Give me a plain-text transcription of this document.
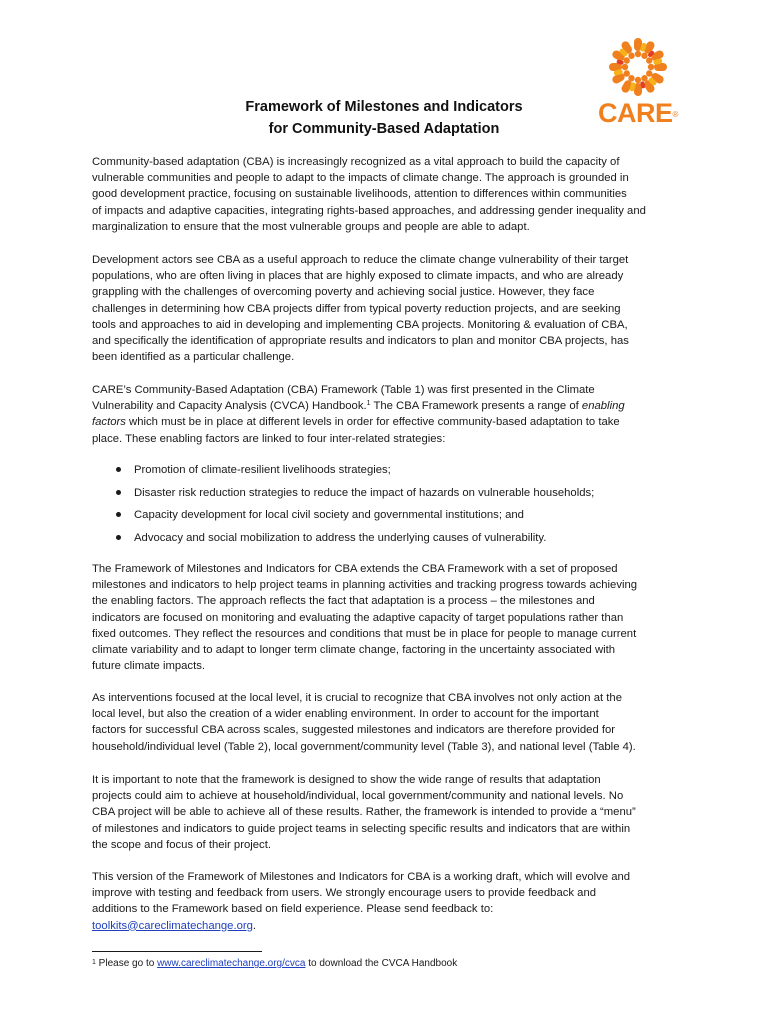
CARE®
Framework of Milestones and Indicators
for Community-Based Adaptation
Community-based adaptation (CBA) is increasingly recognized as a vital approach to build the capacity of
vulnerable communities and people to adapt to the impacts of climate change. The approach is grounded in
good development practice, focusing on sustainable livelihoods, attention to differences within communities
of impacts and adaptive capacities, integrating rights-based approaches, and addressing gender inequality and
marginalization to ensure that the most vulnerable groups and people are able to adapt.
Development actors see CBA as a useful approach to reduce the climate change vulnerability of their target
populations, who are often living in places that are highly exposed to climate impacts, and who are already
grappling with the challenges of overcoming poverty and achieving social justice. However, they face
challenges in determining how CBA projects differ from typical poverty reduction projects, and are seeking
tools and approaches to aid in developing and implementing CBA projects. Monitoring & evaluation of CBA,
and specifically the identification of appropriate results and indicators to plan and monitor CBA projects, has
been identified as a particular challenge.
CARE’s Community-Based Adaptation (CBA) Framework (Table 1) was first presented in the Climate
Vulnerability and Capacity Analysis (CVCA) Handbook.$^1$ The CBA Framework presents a range of enabling
factors which must be in place at different levels in order for effective community-based adaptation to take
place. These enabling factors are linked to four inter-related strategies:
Promotion of climate-resilient livelihoods strategies;
Disaster risk reduction strategies to reduce the impact of hazards on vulnerable households;
Capacity development for local civil society and governmental institutions; and
Advocacy and social mobilization to address the underlying causes of vulnerability.
The Framework of Milestones and Indicators for CBA extends the CBA Framework with a set of proposed
milestones and indicators to help project teams in planning activities and tracking progress towards achieving
the enabling factors. The approach reflects the fact that adaptation is a process – the milestones and
indicators are focused on monitoring and evaluating the adaptive capacity of target populations rather than
fixed outcomes. They reflect the resources and conditions that must be in place for people to manage current
climate variability and to adapt to longer term climate change, factoring in the uncertainty associated with
future climate impacts.
As interventions focused at the local level, it is crucial to recognize that CBA involves not only action at the
local level, but also the creation of a wider enabling environment. In order to account for the important
factors for successful CBA across scales, suggested milestones and indicators are therefore provided for
household/individual level (Table 2), local government/community level (Table 3), and national level (Table 4).
It is important to note that the framework is designed to show the wide range of results that adaptation
projects could aim to achieve at household/individual, local government/community and national levels. No
CBA project will be able to achieve all of these results. Rather, the framework is intended to provide a “menu”
of milestones and indicators to guide project teams in selecting specific results and indicators that are within
the scope and focus of their project.
This version of the Framework of Milestones and Indicators for CBA is a working draft, which will evolve and
improve with testing and feedback from users. We strongly encourage users to provide feedback and
additions to the Framework based on field experience. Please send feedback to:
toolkits@careclimatechange.org.
$^1$ Please go to www.careclimatechange.org/cvca to download the CVCA Handbook
